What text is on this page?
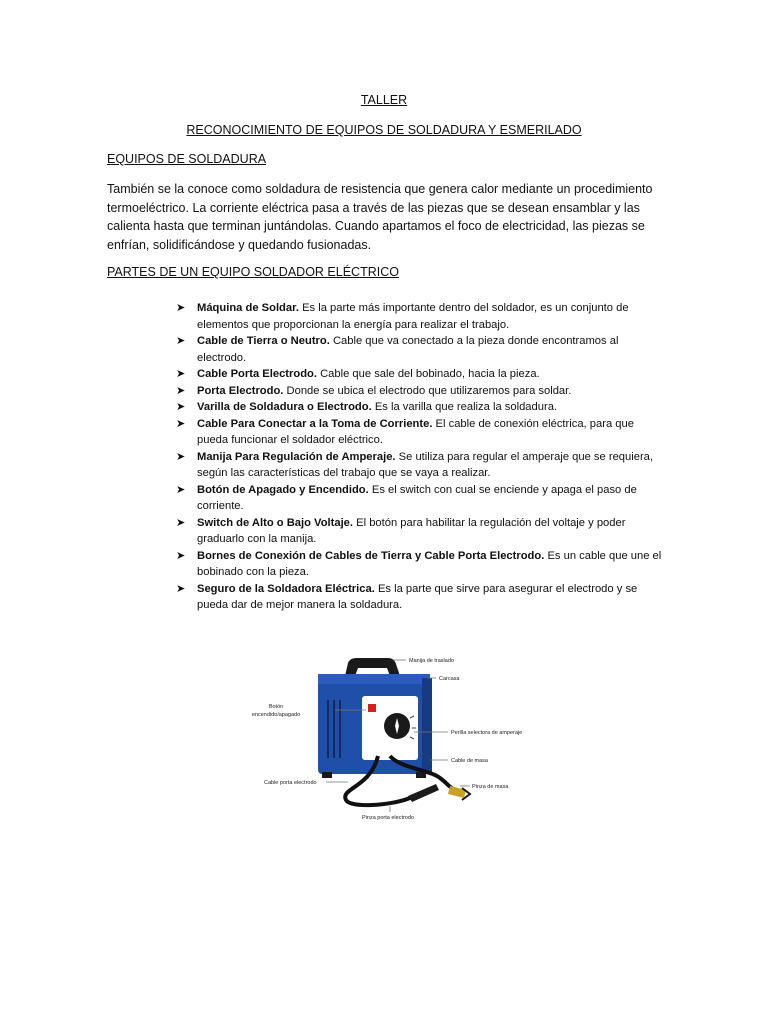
TALLER
RECONOCIMIENTO DE EQUIPOS DE SOLDADURA Y ESMERILADO
EQUIPOS DE SOLDADURA
También se la conoce como soldadura de resistencia que genera calor mediante un procedimiento termoeléctrico. La corriente eléctrica pasa a través de las piezas que se desean ensamblar y las calienta hasta que terminan juntándolas. Cuando apartamos el foco de electricidad, las piezas se enfrían, solidificándose y quedando fusionadas.
PARTES DE UN EQUIPO SOLDADOR ELÉCTRICO
➤ Máquina de Soldar. Es la parte más importante dentro del soldador, es un conjunto de elementos que proporcionan la energía para realizar el trabajo.
➤ Cable de Tierra o Neutro. Cable que va conectado a la pieza donde encontramos al electrodo.
➤ Cable Porta Electrodo. Cable que sale del bobinado, hacia la pieza.
➤ Porta Electrodo. Donde se ubica el electrodo que utilizaremos para soldar.
➤ Varilla de Soldadura o Electrodo. Es la varilla que realiza la soldadura.
➤ Cable Para Conectar a la Toma de Corriente. El cable de conexión eléctrica, para que pueda funcionar el soldador eléctrico.
➤ Manija Para Regulación de Amperaje. Se utiliza para regular el amperaje que se requiera, según las características del trabajo que se vaya a realizar.
➤ Botón de Apagado y Encendido. Es el switch con cual se enciende y apaga el paso de corriente.
➤ Switch de Alto o Bajo Voltaje. El botón para habilitar la regulación del voltaje y poder graduarlo con la manija.
➤ Bornes de Conexión de Cables de Tierra y Cable Porta Electrodo. Es un cable que une el bobinado con la pieza.
➤ Seguro de la Soldadora Eléctrica. Es la parte que sirve para asegurar el electrodo y se pueda dar de mejor manera la soldadura.
Manija de traslado
Carcasa
Botón
encendido/apagado
Perilla selectora de amperaje
Cable de masa
Cable porta electrodo
Pinza de masa
Pinza porta electrodo
